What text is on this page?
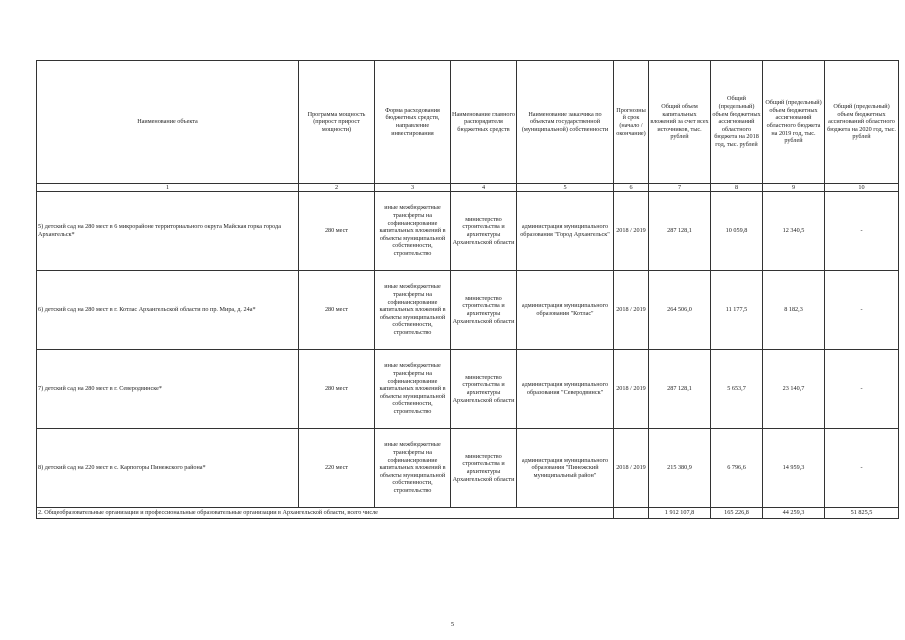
Наименование объекта	Программа мощность (прирост прирост мощности)	Форма расходования бюджетных средств, направление инвестирования	Наименование главного распорядителя бюджетных средств	Наименование заказчика по объектам государственной (муниципальной) собственности	Прогнозный срок (начало / окончание)	Общий объем капитальных вложений за счет всех источников, тыс. рублей	Общий (предельный) объем бюджетных ассигнований областного бюджета на 2018 год, тыс. рублей	Общий (предельный) объем бюджетных ассигнований областного бюджета на 2019 год, тыс. рублей	Общий (предельный) объем бюджетных ассигнований областного бюджета на 2020 год, тыс. рублей
1	2	3	4	5	6	7	8	9	10
5) детский сад на 280 мест в 6 микрорайоне территориального округа Майская горка города Архангельск*	280 мест	иные межбюджетные трансферты на софинансирование капитальных вложений в объекты муниципальной собственности, строительство	министерство строительства и архитектуры Архангельской области	администрация муниципального образования "Город Архангельск"	2018 / 2019	287 128,1	10 059,8	12 340,5	-
6) детский сад на 280 мест в г. Котлас Архангельской области по пр. Мира, д. 24а*	280 мест	иные межбюджетные трансферты на софинансирование капитальных вложений в объекты муниципальной собственности, строительство	министерство строительства и архитектуры Архангельской области	администрация муниципального образования "Котлас"	2018 / 2019	264 506,0	11 177,5	8 182,3	-
7) детский сад на 280 мест в г. Северодвинске*	280 мест	иные межбюджетные трансферты на софинансирование капитальных вложений в объекты муниципальной собственности, строительство	министерство строительства и архитектуры Архангельской области	администрация муниципального образования "Северодвинск"	2018 / 2019	287 128,1	5 653,7	23 140,7	-
8) детский сад на 220 мест в с. Карпогоры Пинежского района*	220 мест	иные межбюджетные трансферты на софинансирование капитальных вложений в объекты муниципальной собственности, строительство	министерство строительства и архитектуры Архангельской области	администрация муниципального образования "Пинежский муниципальный район"	2018 / 2019	215 380,9	6 796,6	14 959,3	-
2. Общеобразовательные организации и профессиональные образовательные организации в Архангельской области, всего числе						1 912 107,8	165 226,8	44 259,3	51 825,5
5
